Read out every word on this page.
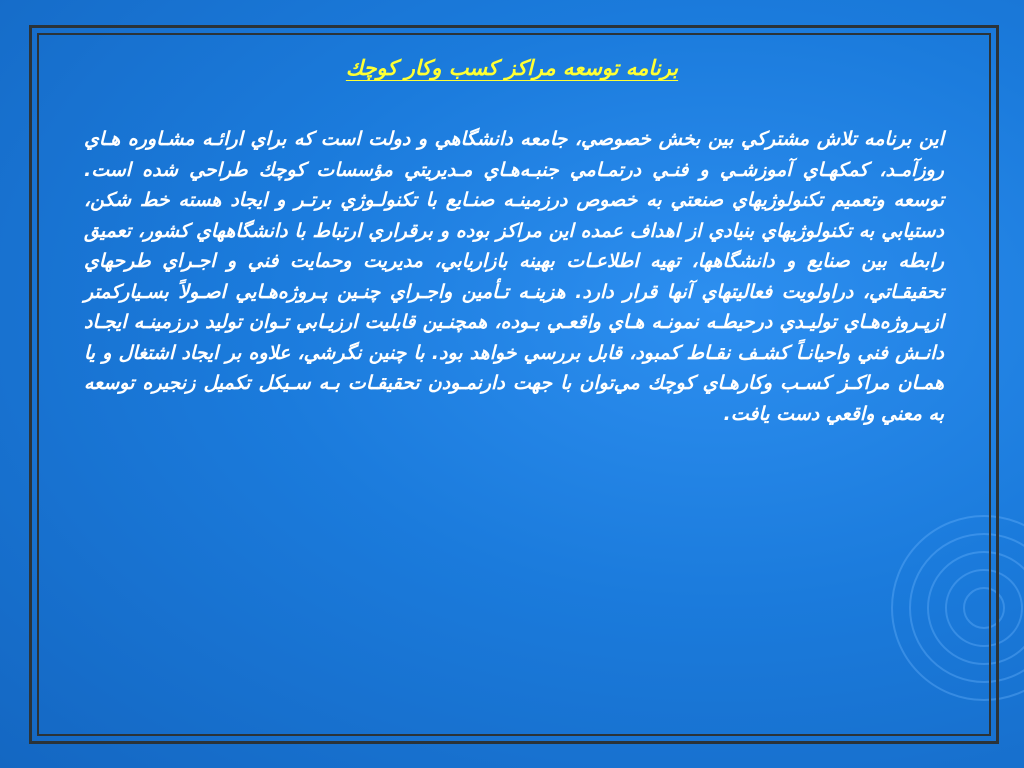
برنامه توسعه مراكز كسب وكار كوچك
اين برنامه تلاش مشتركي بين بخش خصوصي، جامعه دانشگاهي و دولت است كه براي ارائـه مشـاوره هـاي روزآمـد، كمكهـاي آموزشـي و فنـي درتمـامي جنبـه‌هـاي مـديريتي مؤسسات كوچك طراحي شده است. توسعه وتعميم تكنولوژيهاي صنعتي به خصوص درزمينـه صنـايع با تكنولـوژي برتـر و ايجاد هسته خط شكن، دستيابي به تكنولوژيهاي بنيادي از اهداف عمده اين مراكز بوده و برقراري ارتباط با دانشگاههاي كشور، تعميق رابطه بين صنايع و دانشگاهها، تهيه اطلاعـات بهينه بازاريابي، مديريت وحمايت فني و اجـراي طرحهاي تحقيقـاتي، دراولويت فعاليتهاي آنها قرار دارد. هزينـه تـأمين واجـراي چنـين پـروژه‌هـايي اصـولاً بسـياركمتر ازپـروژه‌هـاي توليـدي درحيطـه نمونـه هـاي واقعـي بـوده، همچنـين قابليت ارزيـابي تـوان توليد درزمينـه ايجـاد دانـش فني واحيانـاً كشـف نقـاط كمبود، قابل بررسي خواهد بود. با چنين نگرشي، علاوه بر ايجاد اشتغال و يا همـان مراكـز كسـب وكارهـاي كوچك مي‌توان با جهت دارنمـودن تحقيقـات بـه سـيكل تكميل زنجيره توسعه به معني واقعي دست يافت.
